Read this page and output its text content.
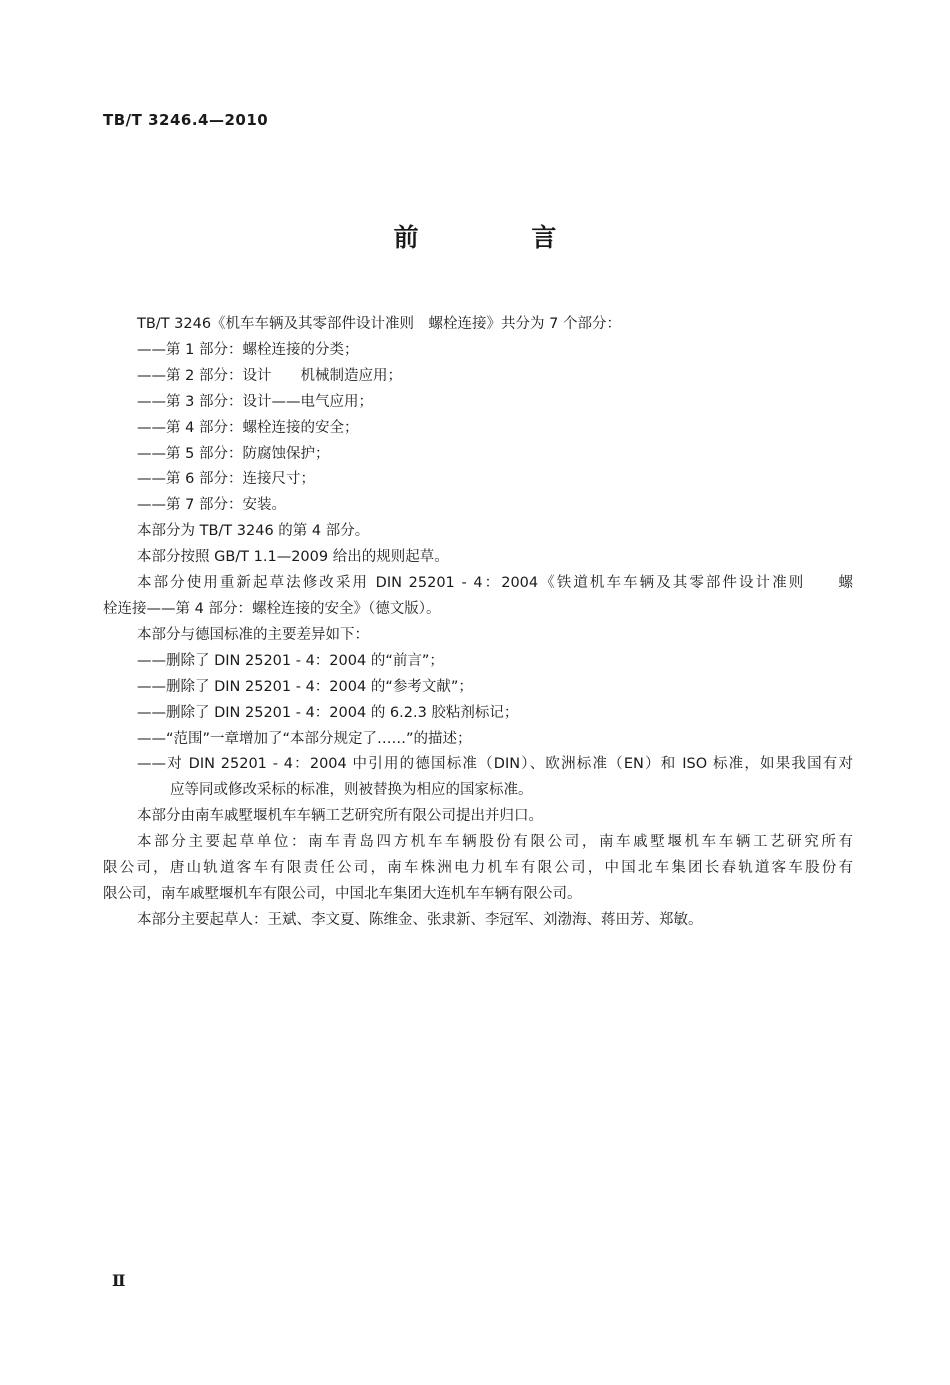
TB/T 3246.4—2010
前 言
TB/T 3246《机车车辆及其零部件设计准则　螺栓连接》共分为 7 个部分：
——第 1 部分：螺栓连接的分类；
——第 2 部分：设计　　机械制造应用；
——第 3 部分：设计——电气应用；
——第 4 部分：螺栓连接的安全；
——第 5 部分：防腐蚀保护；
——第 6 部分：连接尺寸；
——第 7 部分：安装。
本部分为 TB/T 3246 的第 4 部分。
本部分按照 GB/T 1.1—2009 给出的规则起草。
本部分使用重新起草法修改采用 DIN 25201 - 4：2004《铁道机车车辆及其零部件设计准则　　螺
栓连接——第 4 部分：螺栓连接的安全》（德文版）。
本部分与德国标准的主要差异如下：
——删除了 DIN 25201 - 4：2004 的“前言”；
——删除了 DIN 25201 - 4：2004 的“参考文献”；
——删除了 DIN 25201 - 4：2004 的 6.2.3 胶粘剂标记；
——“范围”一章增加了“本部分规定了……”的描述；
——对 DIN 25201 - 4：2004 中引用的德国标准（DIN）、欧洲标准（EN）和 ISO 标准，如果我国有对
应等同或修改采标的标准，则被替换为相应的国家标准。
本部分由南车戚墅堰机车车辆工艺研究所有限公司提出并归口。
本部分主要起草单位：南车青岛四方机车车辆股份有限公司，南车戚墅堰机车车辆工艺研究所有
限公司，唐山轨道客车有限责任公司，南车株洲电力机车有限公司，中国北车集团长春轨道客车股份有
限公司，南车戚墅堰机车有限公司，中国北车集团大连机车车辆有限公司。
本部分主要起草人：王斌、李文夏、陈维金、张隶新、李冠军、刘渤海、蒋田芳、郑敏。
Ⅱ
